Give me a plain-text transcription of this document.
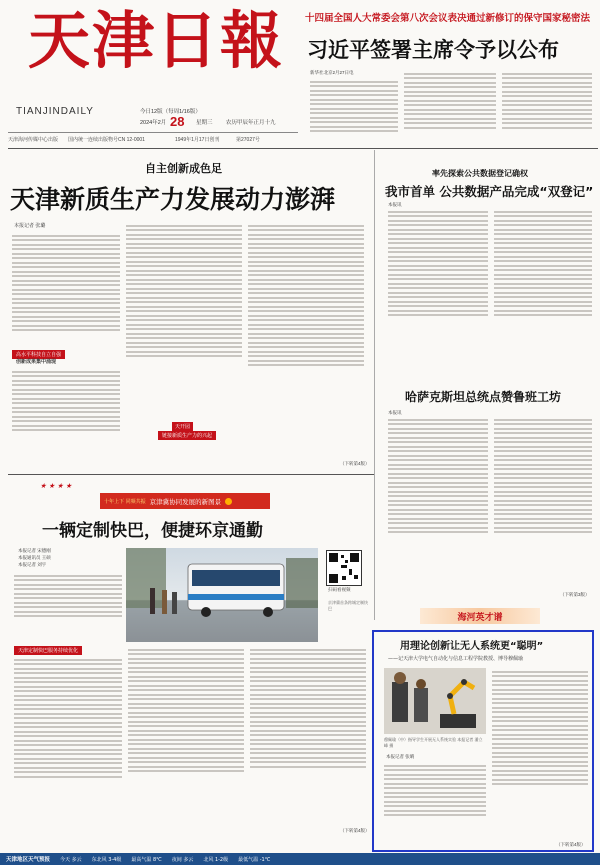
天津日報
TIANJINDAILY	今日12版（每周1/16版）
2024年2月 28 星期三 农历甲辰年正月十九
天津海河传媒中心出版 国内统一连续出版物号CN 12-0001	1949年1月17日创刊	第27027号
十四届全国人大常委会第八次会议表决通过新修订的保守国家秘密法
习近平签署主席令予以公布
新华社北京2月27日电
自主创新成色足
天津新质生产力发展动力澎湃
本报记者 张璐
高水平科技自立自强
创新成果集中涌现
天开园
链接新质生产力的兴起
（下转第4版）
率先探索公共数据登记确权
我市首单 公共数据产品完成“双登记”
本报讯
哈萨克斯坦总统点赞鲁班工坊
本报讯
（下转第3版）
海河英才谱
★ ★ ★ ★
十年上下 同频共振 京津冀协同发展的新图景
一辆定制快巴，便捷环京通勤
本报记者 宋德刚
本报通讯员 王硕
本报记者 刘宇
扫码看视频
京津冀首条跨城定制快巴
天津定制快巴服务持续优化
（下转第4版）
用理论创新让无人系统更“聪明”
——记天津大学电气自动化与信息工程学院教授、博导穆佩瑜
穆佩瑜（中）指导学生开展无人系统实验 本报记者 潘立峰 摄
本报记者 张晴
（下转第4版）
天津地区天气预报 今天 多云 东北风 3-4级 最高气温 8℃ 夜间 多云 北风 1-2级 最低气温 -1℃
